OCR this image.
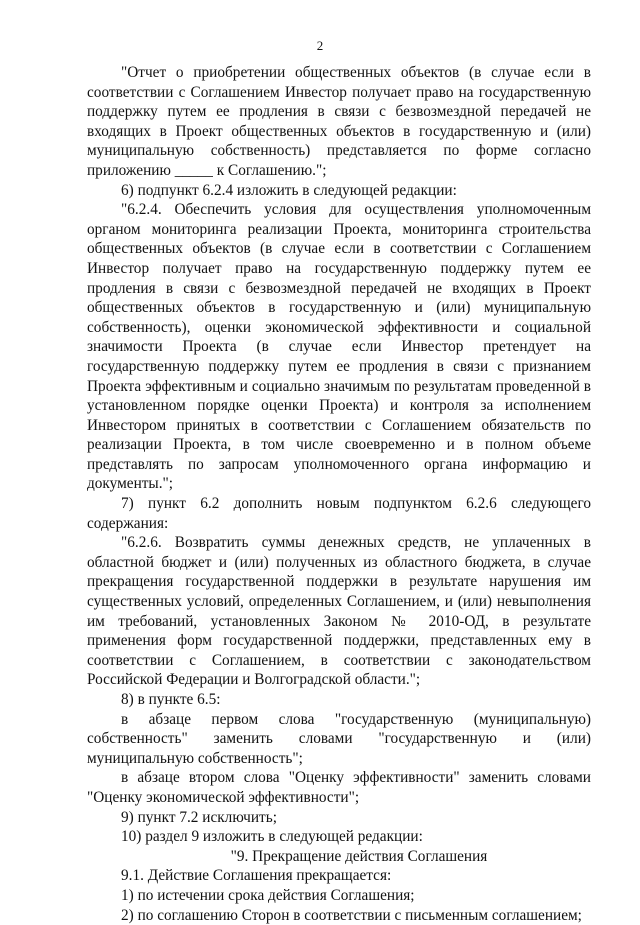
2

"Отчет о приобретении общественных объектов (в случае если в соответствии с Соглашением Инвестор получает право на государственную поддержку путем ее продления в связи с безвозмездной передачей не входящих в Проект общественных объектов в государственную и (или) муниципальную собственность) представляется по форме согласно приложению _____ к Соглашению.";

6) подпункт 6.2.4 изложить в следующей редакции:

"6.2.4. Обеспечить условия для осуществления уполномоченным органом мониторинга реализации Проекта, мониторинга строительства общественных объектов (в случае если в соответствии с Соглашением Инвестор получает право на государственную поддержку путем ее продления в связи с безвозмездной передачей не входящих в Проект общественных объектов в государственную и (или) муниципальную собственность), оценки экономической эффективности и социальной значимости Проекта (в случае если Инвестор претендует на государственную поддержку путем ее продления в связи с признанием Проекта эффективным и социально значимым по результатам проведенной в установленном порядке оценки Проекта) и контроля за исполнением Инвестором принятых в соответствии с Соглашением обязательств по реализации Проекта, в том числе своевременно и в полном объеме представлять по запросам уполномоченного органа информацию и документы.";

7) пункт 6.2 дополнить новым подпунктом 6.2.6 следующего содержания:

"6.2.6. Возвратить суммы денежных средств, не уплаченных в областной бюджет и (или) полученных из областного бюджета, в случае прекращения государственной поддержки в результате нарушения им существенных условий, определенных Соглашением, и (или) невыполнения им требований, установленных Законом № 2010-ОД, в результате применения форм государственной поддержки, представленных ему в соответствии с Соглашением, в соответствии с законодательством Российской Федерации и Волгоградской области.";

8) в пункте 6.5:

в абзаце первом слова "государственную (муниципальную) собственность" заменить словами "государственную и (или) муниципальную собственность";

в абзаце втором слова "Оценку эффективности" заменить словами "Оценку экономической эффективности";

9) пункт 7.2 исключить;

10) раздел 9 изложить в следующей редакции:

"9. Прекращение действия Соглашения

9.1. Действие Соглашения прекращается:

1) по истечении срока действия Соглашения;

2) по соглашению Сторон в соответствии с письменным соглашением;
